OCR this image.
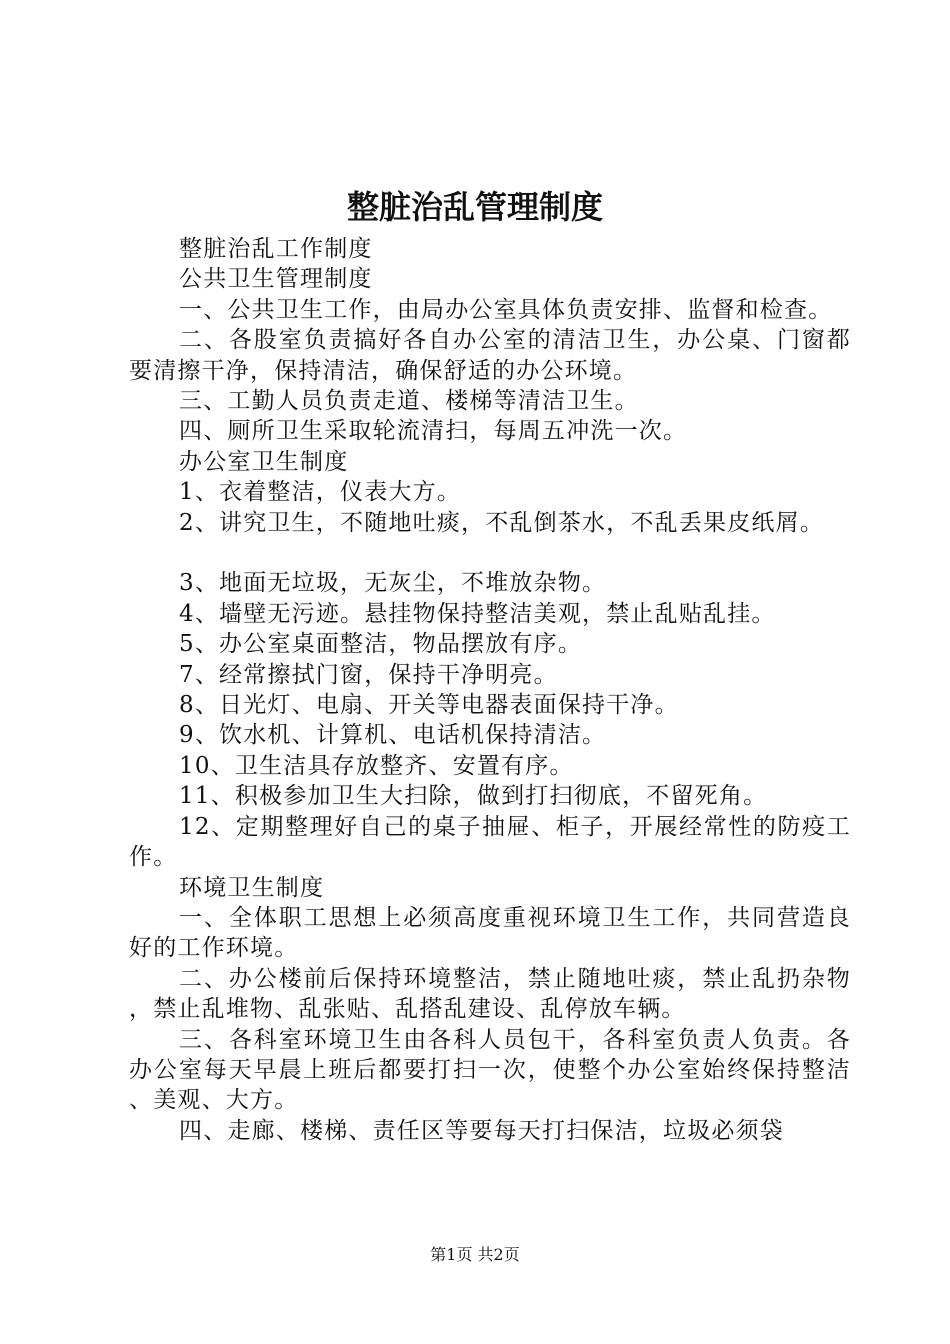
整脏治乱管理制度

整脏治乱工作制度

公共卫生管理制度

一、公共卫生工作，由局办公室具体负责安排、监督和检查。

二、各股室负责搞好各自办公室的清洁卫生，办公桌、门窗都要清擦干净，保持清洁，确保舒适的办公环境。

三、工勤人员负责走道、楼梯等清洁卫生。

四、厕所卫生采取轮流清扫，每周五冲洗一次。

办公室卫生制度

1、衣着整洁，仪表大方。

2、讲究卫生，不随地吐痰，不乱倒茶水，不乱丢果皮纸屑。

3、地面无垃圾，无灰尘，不堆放杂物。

4、墙壁无污迹。悬挂物保持整洁美观，禁止乱贴乱挂。

5、办公室桌面整洁，物品摆放有序。

7、经常擦拭门窗，保持干净明亮。

8、日光灯、电扇、开关等电器表面保持干净。

9、饮水机、计算机、电话机保持清洁。

10、卫生洁具存放整齐、安置有序。

11、积极参加卫生大扫除，做到打扫彻底，不留死角。

12、定期整理好自己的桌子抽屉、柜子，开展经常性的防疫工作。

环境卫生制度

一、全体职工思想上必须高度重视环境卫生工作，共同营造良好的工作环境。

二、办公楼前后保持环境整洁，禁止随地吐痰，禁止乱扔杂物，禁止乱堆物、乱张贴、乱搭乱建设、乱停放车辆。

三、各科室环境卫生由各科人员包干，各科室负责人负责。各办公室每天早晨上班后都要打扫一次，使整个办公室始终保持整洁、美观、大方。

四、走廊、楼梯、责任区等要每天打扫保洁，垃圾必须袋

第1页 共2页
